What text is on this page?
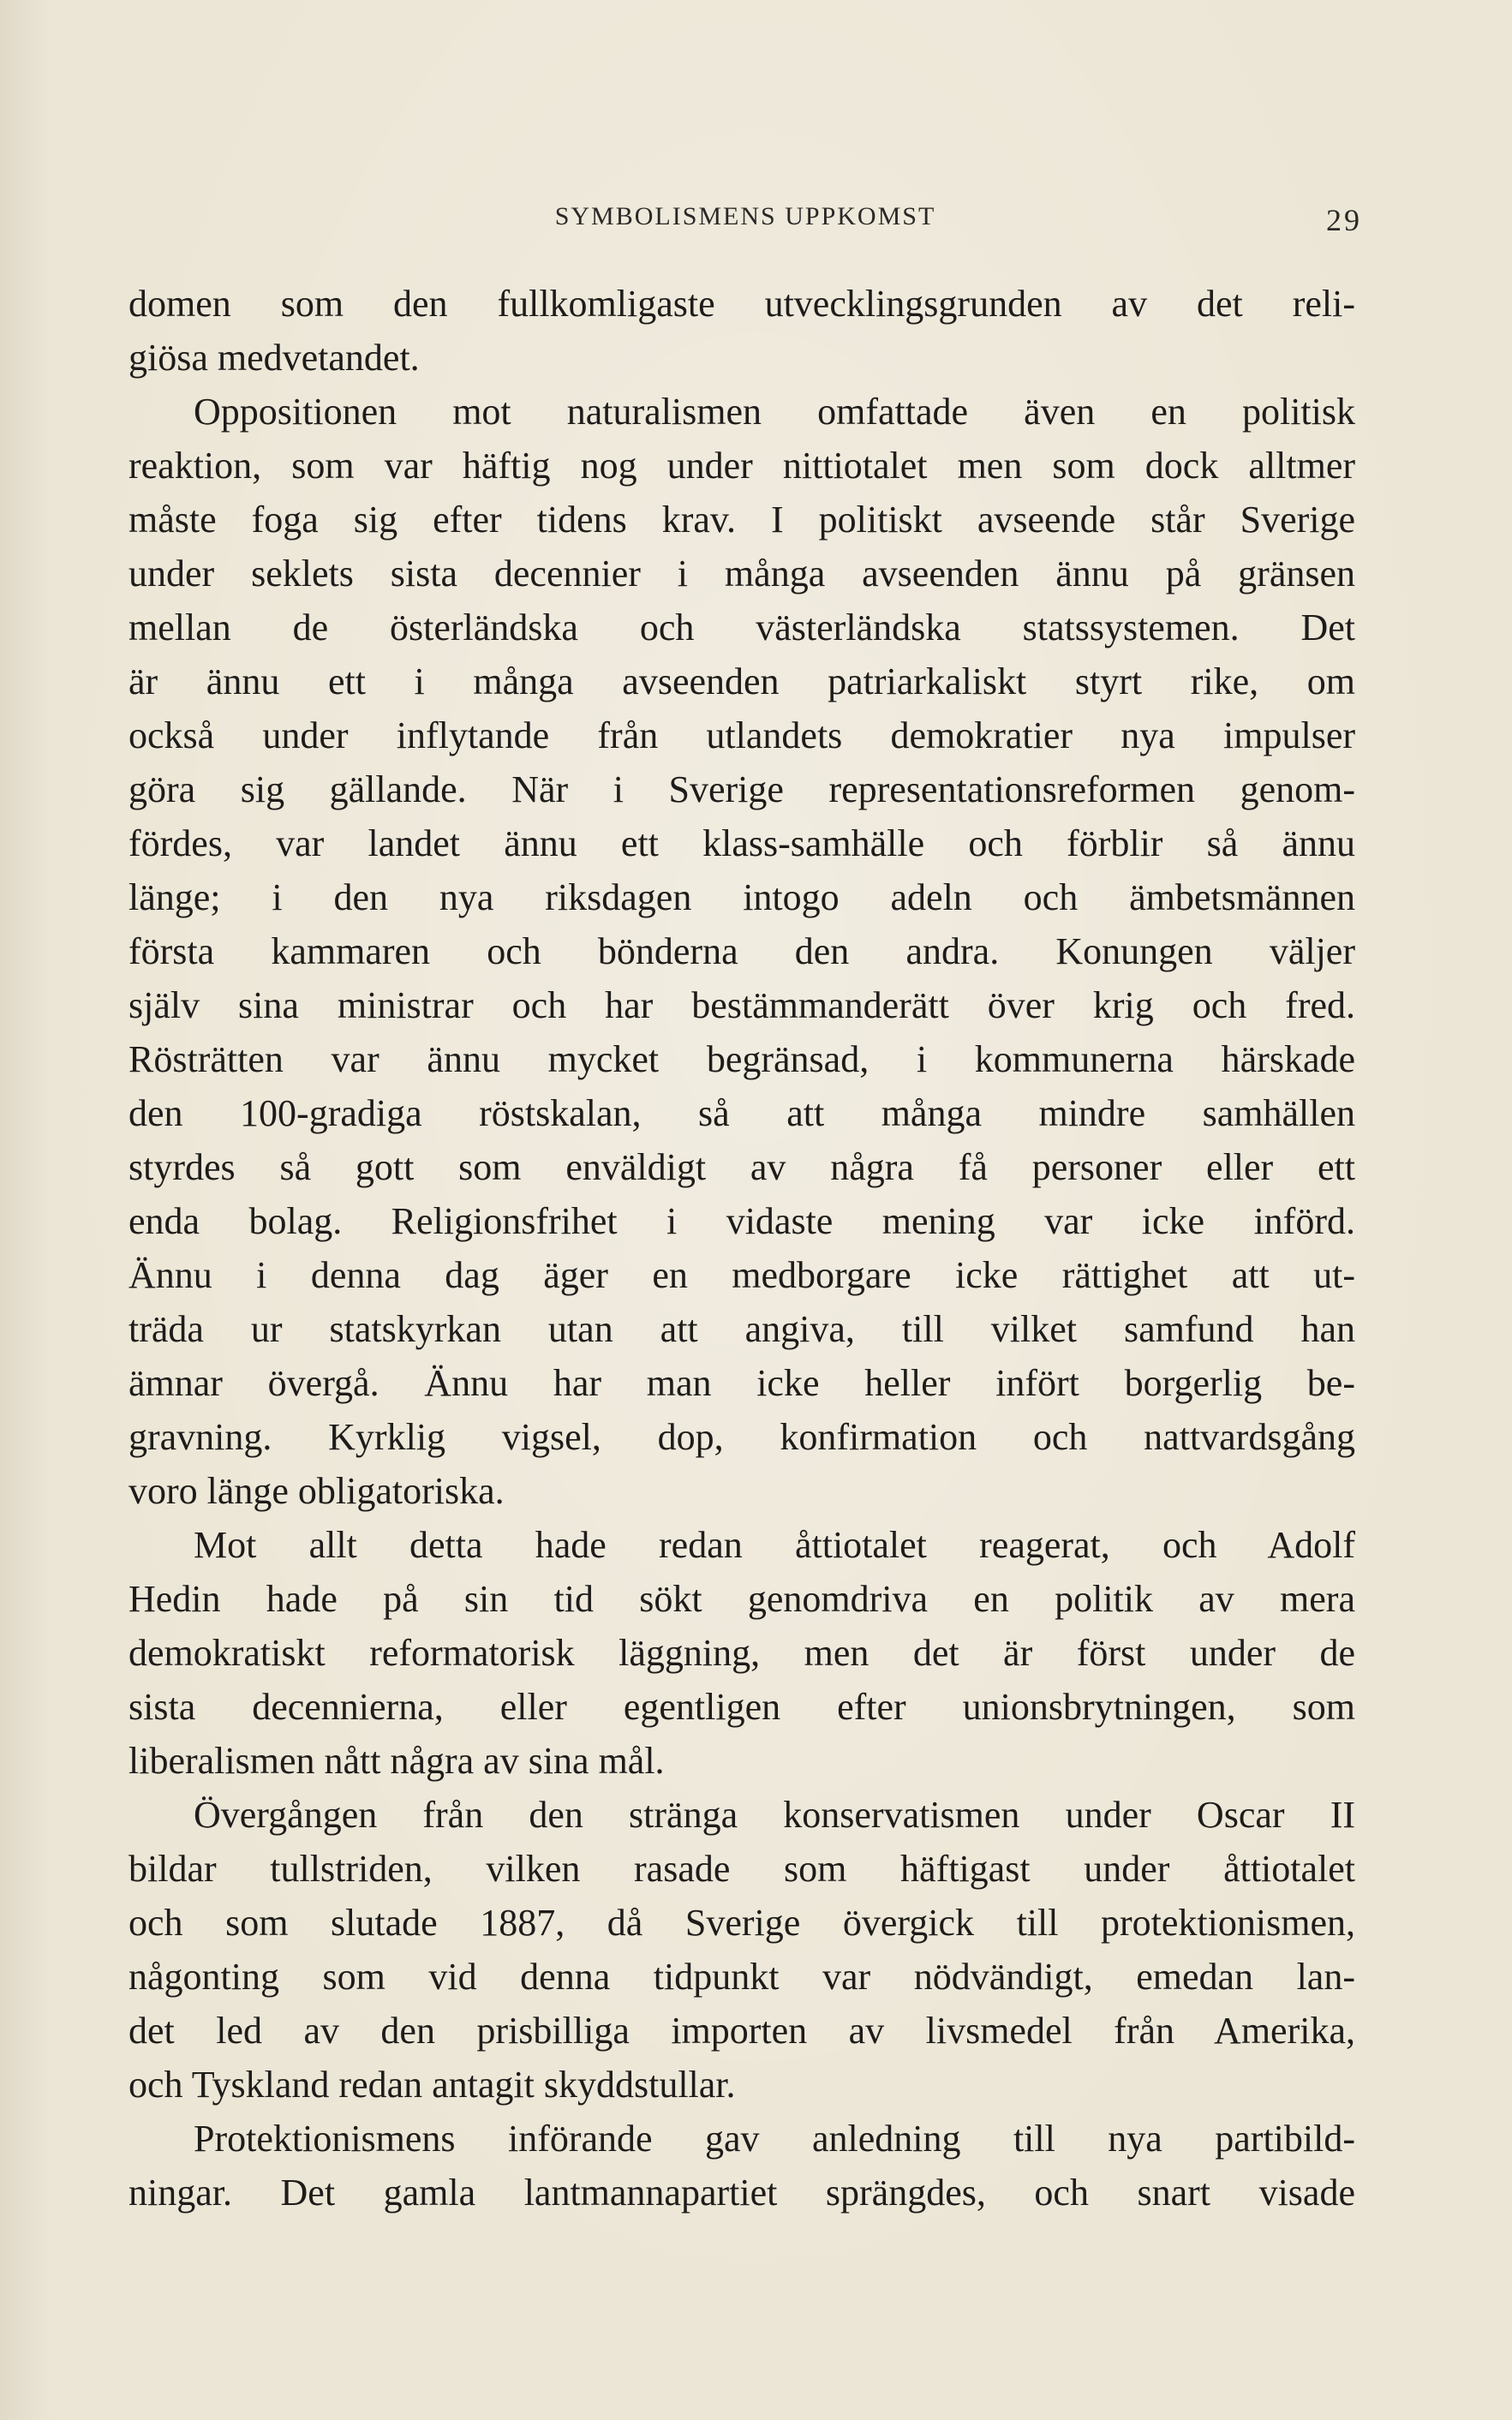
SYMBOLISMENS UPPKOMST	29
domen som den fullkomligaste utvecklingsgrunden av det reli-
giösa medvetandet.
Oppositionen mot naturalismen omfattade även en politisk
reaktion, som var häftig nog under nittiotalet men som dock alltmer
måste foga sig efter tidens krav. I politiskt avseende står Sverige
under seklets sista decennier i många avseenden ännu på gränsen
mellan de österländska och västerländska statssystemen. Det
är ännu ett i många avseenden patriarkaliskt styrt rike, om
också under inflytande från utlandets demokratier nya impulser
göra sig gällande. När i Sverige representationsreformen genom-
fördes, var landet ännu ett klass-samhälle och förblir så ännu
länge; i den nya riksdagen intogo adeln och ämbetsmännen
första kammaren och bönderna den andra. Konungen väljer
själv sina ministrar och har bestämmanderätt över krig och fred.
Rösträtten var ännu mycket begränsad, i kommunerna härskade
den 100-gradiga röstskalan, så att många mindre samhällen
styrdes så gott som enväldigt av några få personer eller ett
enda bolag. Religionsfrihet i vidaste mening var icke införd.
Ännu i denna dag äger en medborgare icke rättighet att ut-
träda ur statskyrkan utan att angiva, till vilket samfund han
ämnar övergå. Ännu har man icke heller infört borgerlig be-
gravning. Kyrklig vigsel, dop, konfirmation och nattvardsgång
voro länge obligatoriska.
Mot allt detta hade redan åttiotalet reagerat, och Adolf
Hedin hade på sin tid sökt genomdriva en politik av mera
demokratiskt reformatorisk läggning, men det är först under de
sista decennierna, eller egentligen efter unionsbrytningen, som
liberalismen nått några av sina mål.
Övergången från den stränga konservatismen under Oscar II
bildar tullstriden, vilken rasade som häftigast under åttiotalet
och som slutade 1887, då Sverige övergick till protektionismen,
någonting som vid denna tidpunkt var nödvändigt, emedan lan-
det led av den prisbilliga importen av livsmedel från Amerika,
och Tyskland redan antagit skyddstullar.
Protektionismens införande gav anledning till nya partibild-
ningar. Det gamla lantmannapartiet sprängdes, och snart visade
